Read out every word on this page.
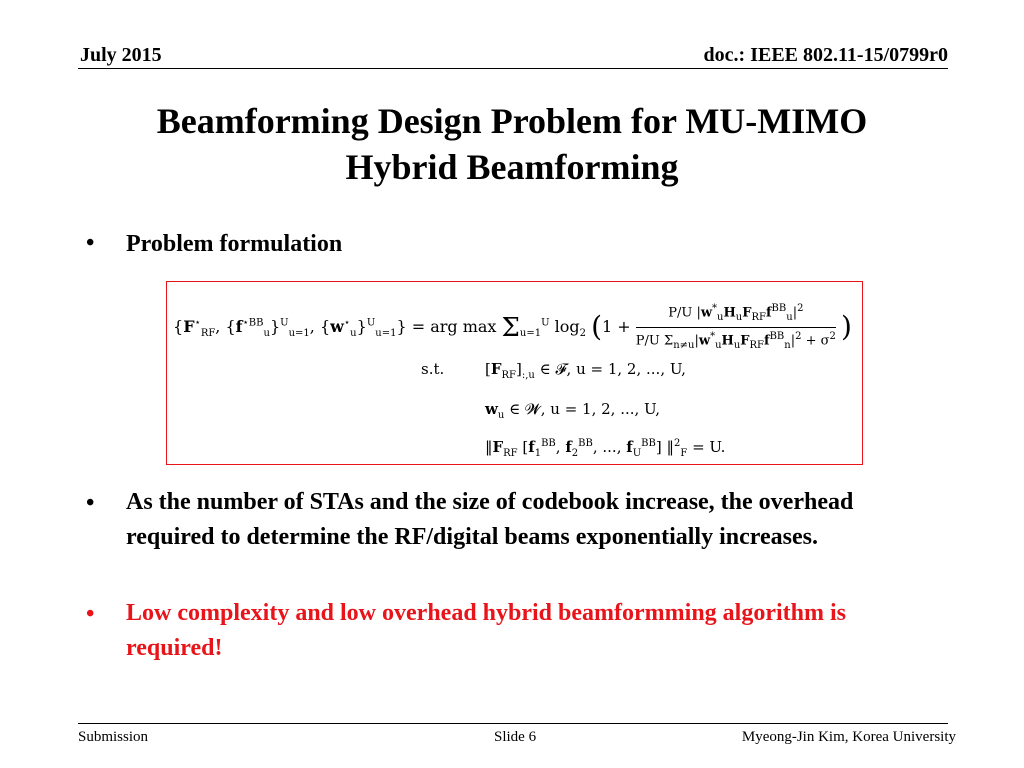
July 2015	doc.: IEEE 802.11-15/0799r0
Beamforming Design Problem for MU-MIMO
Hybrid Beamforming
• Problem formulation
{$F^⋆_{RF}$, $\{f^{⋆BB}_u\}^U_{u=1}$, $\{w^⋆_u\}^U_{u=1}$} = arg $\max \Sigma_{u=1}^U$ $\log_2 (1$ +
P/U $|w^*_uH_uF_{RF}f^{BB}_u|^2$
P/U $\Sigma_{n\ne u}|w^*_uH_uF_{RF}f^{BB}_n|^2 + \sigma^2$ )
s.t.	$[F_{RF}]_{:,u}$ ∈ 𝓕, u = 1, 2, ..., U,
$w_u$ ∈ 𝓦, u = 1, 2, ..., U,
$‖F_{RF}$ [$f_1^{BB}$, $f_2^{BB}$, ..., $f_U^{BB}$] ‖$^2_F$ = U.
• As the number of STAs and the size of codebook increase, the overhead required to determine the RF/digital beams exponentially increases.
• Low complexity and low overhead hybrid beamformming algorithm is required!
Submission	Slide 6	Myeong-Jin Kim, Korea University
